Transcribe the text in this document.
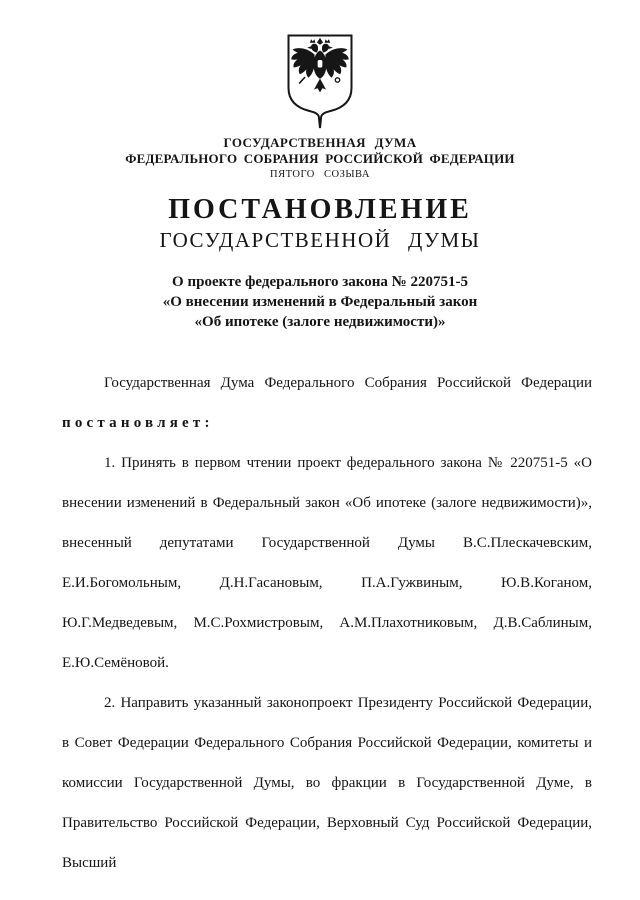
ГОСУДАРСТВЕННАЯ ДУМА
ФЕДЕРАЛЬНОГО СОБРАНИЯ РОССИЙСКОЙ ФЕДЕРАЦИИ
ПЯТОГО СОЗЫВА
ПОСТАНОВЛЕНИЕ
ГОСУДАРСТВЕННОЙ ДУМЫ
О проекте федерального закона № 220751-5
«О внесении изменений в Федеральный закон
«Об ипотеке (залоге недвижимости)»

Государственная Дума Федерального Собрания Российской Федерации постановляет:

1. Принять в первом чтении проект федерального закона № 220751-5 «О внесении изменений в Федеральный закон «Об ипотеке (залоге недвижимости)», внесенный депутатами Государственной Думы В.С.Плескачевским, Е.И.Богомольным, Д.Н.Гасановым, П.А.Гужвиным, Ю.В.Коганом, Ю.Г.Медведевым, М.С.Рохмистровым, А.М.Плахотниковым, Д.В.Саблиным, Е.Ю.Семёновой.

2. Направить указанный законопроект Президенту Российской Федерации, в Совет Федерации Федерального Собрания Российской Федерации, комитеты и комиссии Государственной Думы, во фракции в Государственной Думе, в Правительство Российской Федерации, Верховный Суд Российской Федерации, Высший
